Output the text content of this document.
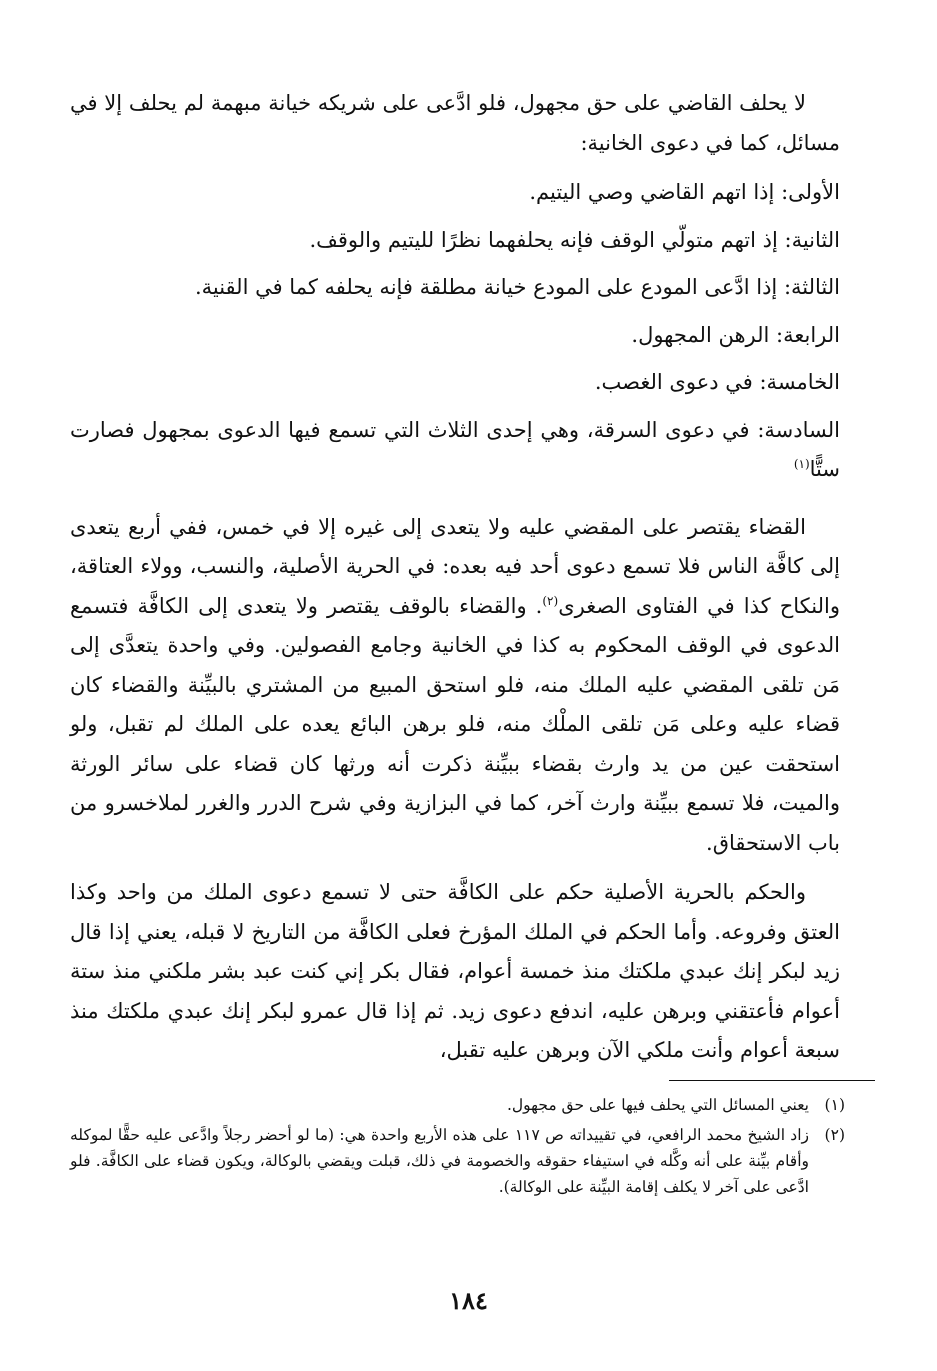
لا يحلف القاضي على حق مجهول، فلو ادَّعى على شريكه خيانة مبهمة لم يحلف إلا في مسائل، كما في دعوى الخانية:

الأولى: إذا اتهم القاضي وصي اليتيم.

الثانية: إذ اتهم متولّي الوقف فإنه يحلفهما نظرًا لليتيم والوقف.

الثالثة: إذا ادَّعى المودع على المودع خيانة مطلقة فإنه يحلفه كما في القنية.

الرابعة: الرهن المجهول.

الخامسة: في دعوى الغصب.

السادسة: في دعوى السرقة، وهي إحدى الثلاث التي تسمع فيها الدعوى بمجهول فصارت ستًّا$^{(١)}$

القضاء يقتصر على المقضي عليه ولا يتعدى إلى غيره إلا في خمس، ففي أربع يتعدى إلى كافَّة الناس فلا تسمع دعوى أحد فيه بعده: في الحرية الأصلية، والنسب، وولاء العتاقة، والنكاح كذا في الفتاوى الصغرى$^{(٢)}$. والقضاء بالوقف يقتصر ولا يتعدى إلى الكافَّة فتسمع الدعوى في الوقف المحكوم به كذا في الخانية وجامع الفصولين. وفي واحدة يتعدَّى إلى مَن تلقى المقضي عليه الملك منه، فلو استحق المبيع من المشتري بالبيِّنة والقضاء كان قضاء عليه وعلى مَن تلقى الملْك منه، فلو برهن البائع يعده على الملك لم تقبل، ولو استحقت عين من يد وارث بقضاء ببيِّنة ذكرت أنه ورثها كان قضاء على سائر الورثة والميت، فلا تسمع ببيِّنة وارث آخر، كما في البزازية وفي شرح الدرر والغرر لملاخسرو من باب الاستحقاق.

والحكم بالحرية الأصلية حكم على الكافَّة حتى لا تسمع دعوى الملك من واحد وكذا العتق وفروعه. وأما الحكم في الملك المؤرخ فعلى الكافَّة من التاريخ لا قبله، يعني إذا قال زيد لبكر إنك عبدي ملكتك منذ خمسة أعوام، فقال بكر إني كنت عبد بشر ملكني منذ ستة أعوام فأعتقني وبرهن عليه، اندفع دعوى زيد. ثم إذا قال عمرو لبكر إنك عبدي ملكتك منذ سبعة أعوام وأنت ملكي الآن وبرهن عليه تقبل،

(١)
يعني المسائل التي يحلف فيها على حق مجهول.
(٢)
زاد الشيخ محمد الرافعي، في تقييداته ص ١١٧ على هذه الأربع واحدة هي: (ما لو أحضر رجلاً وادَّعى عليه حقًّا لموكله وأقام بيِّنة على أنه وكَّله في استيفاء حقوقه والخصومة في ذلك، قبلت ويقضي بالوكالة، ويكون قضاء على الكافَّة. فلو ادَّعى على آخر لا يكلف إقامة البيِّنة على الوكالة).
١٨٤
